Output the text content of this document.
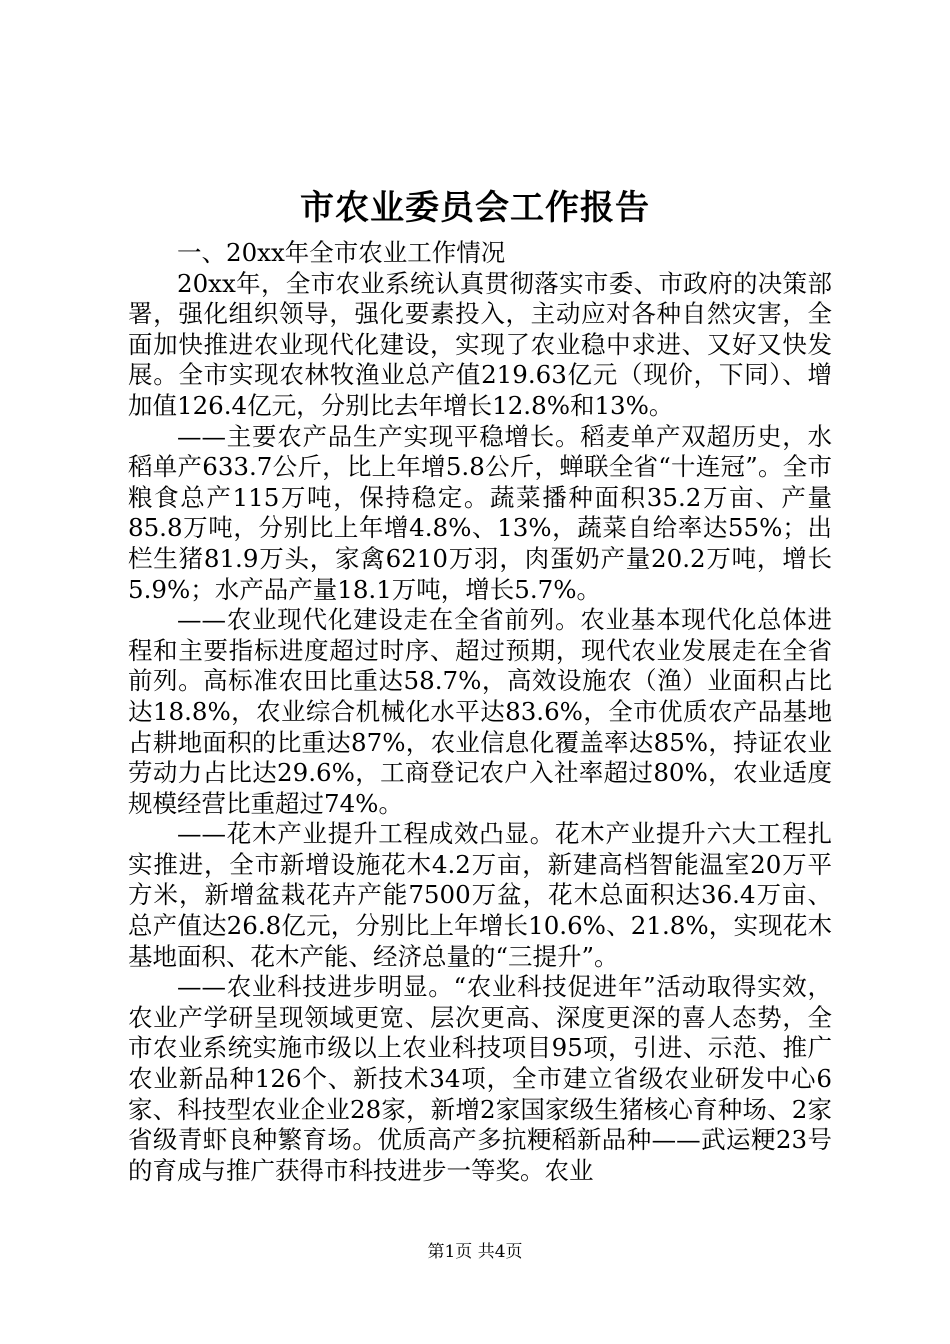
市农业委员会工作报告

一、20xx年全市农业工作情况

20xx年，全市农业系统认真贯彻落实市委、市政府的决策部署，强化组织领导，强化要素投入，主动应对各种自然灾害，全面加快推进农业现代化建设，实现了农业稳中求进、又好又快发展。全市实现农林牧渔业总产值219.63亿元（现价，下同）、增加值126.4亿元，分别比去年增长12.8%和13%。

——主要农产品生产实现平稳增长。稻麦单产双超历史，水稻单产633.7公斤，比上年增5.8公斤，蝉联全省“十连冠”。全市粮食总产115万吨，保持稳定。蔬菜播种面积35.2万亩、产量85.8万吨，分别比上年增4.8%、13%，蔬菜自给率达55%；出栏生猪81.9万头，家禽6210万羽，肉蛋奶产量20.2万吨，增长5.9%；水产品产量18.1万吨，增长5.7%。

——农业现代化建设走在全省前列。农业基本现代化总体进程和主要指标进度超过时序、超过预期，现代农业发展走在全省前列。高标准农田比重达58.7%，高效设施农（渔）业面积占比达18.8%，农业综合机械化水平达83.6%，全市优质农产品基地占耕地面积的比重达87%，农业信息化覆盖率达85%，持证农业劳动力占比达29.6%，工商登记农户入社率超过80%，农业适度规模经营比重超过74%。

——花木产业提升工程成效凸显。花木产业提升六大工程扎实推进，全市新增设施花木4.2万亩，新建高档智能温室20万平方米，新增盆栽花卉产能7500万盆，花木总面积达36.4万亩、总产值达26.8亿元，分别比上年增长10.6%、21.8%，实现花木基地面积、花木产能、经济总量的“三提升”。

——农业科技进步明显。“农业科技促进年”活动取得实效，农业产学研呈现领域更宽、层次更高、深度更深的喜人态势，全市农业系统实施市级以上农业科技项目95项，引进、示范、推广农业新品种126个、新技术34项，全市建立省级农业研发中心6家、科技型农业企业28家，新增2家国家级生猪核心育种场、2家省级青虾良种繁育场。优质高产多抗粳稻新品种——武运粳23号的育成与推广获得市科技进步一等奖。农业

第1页 共4页
